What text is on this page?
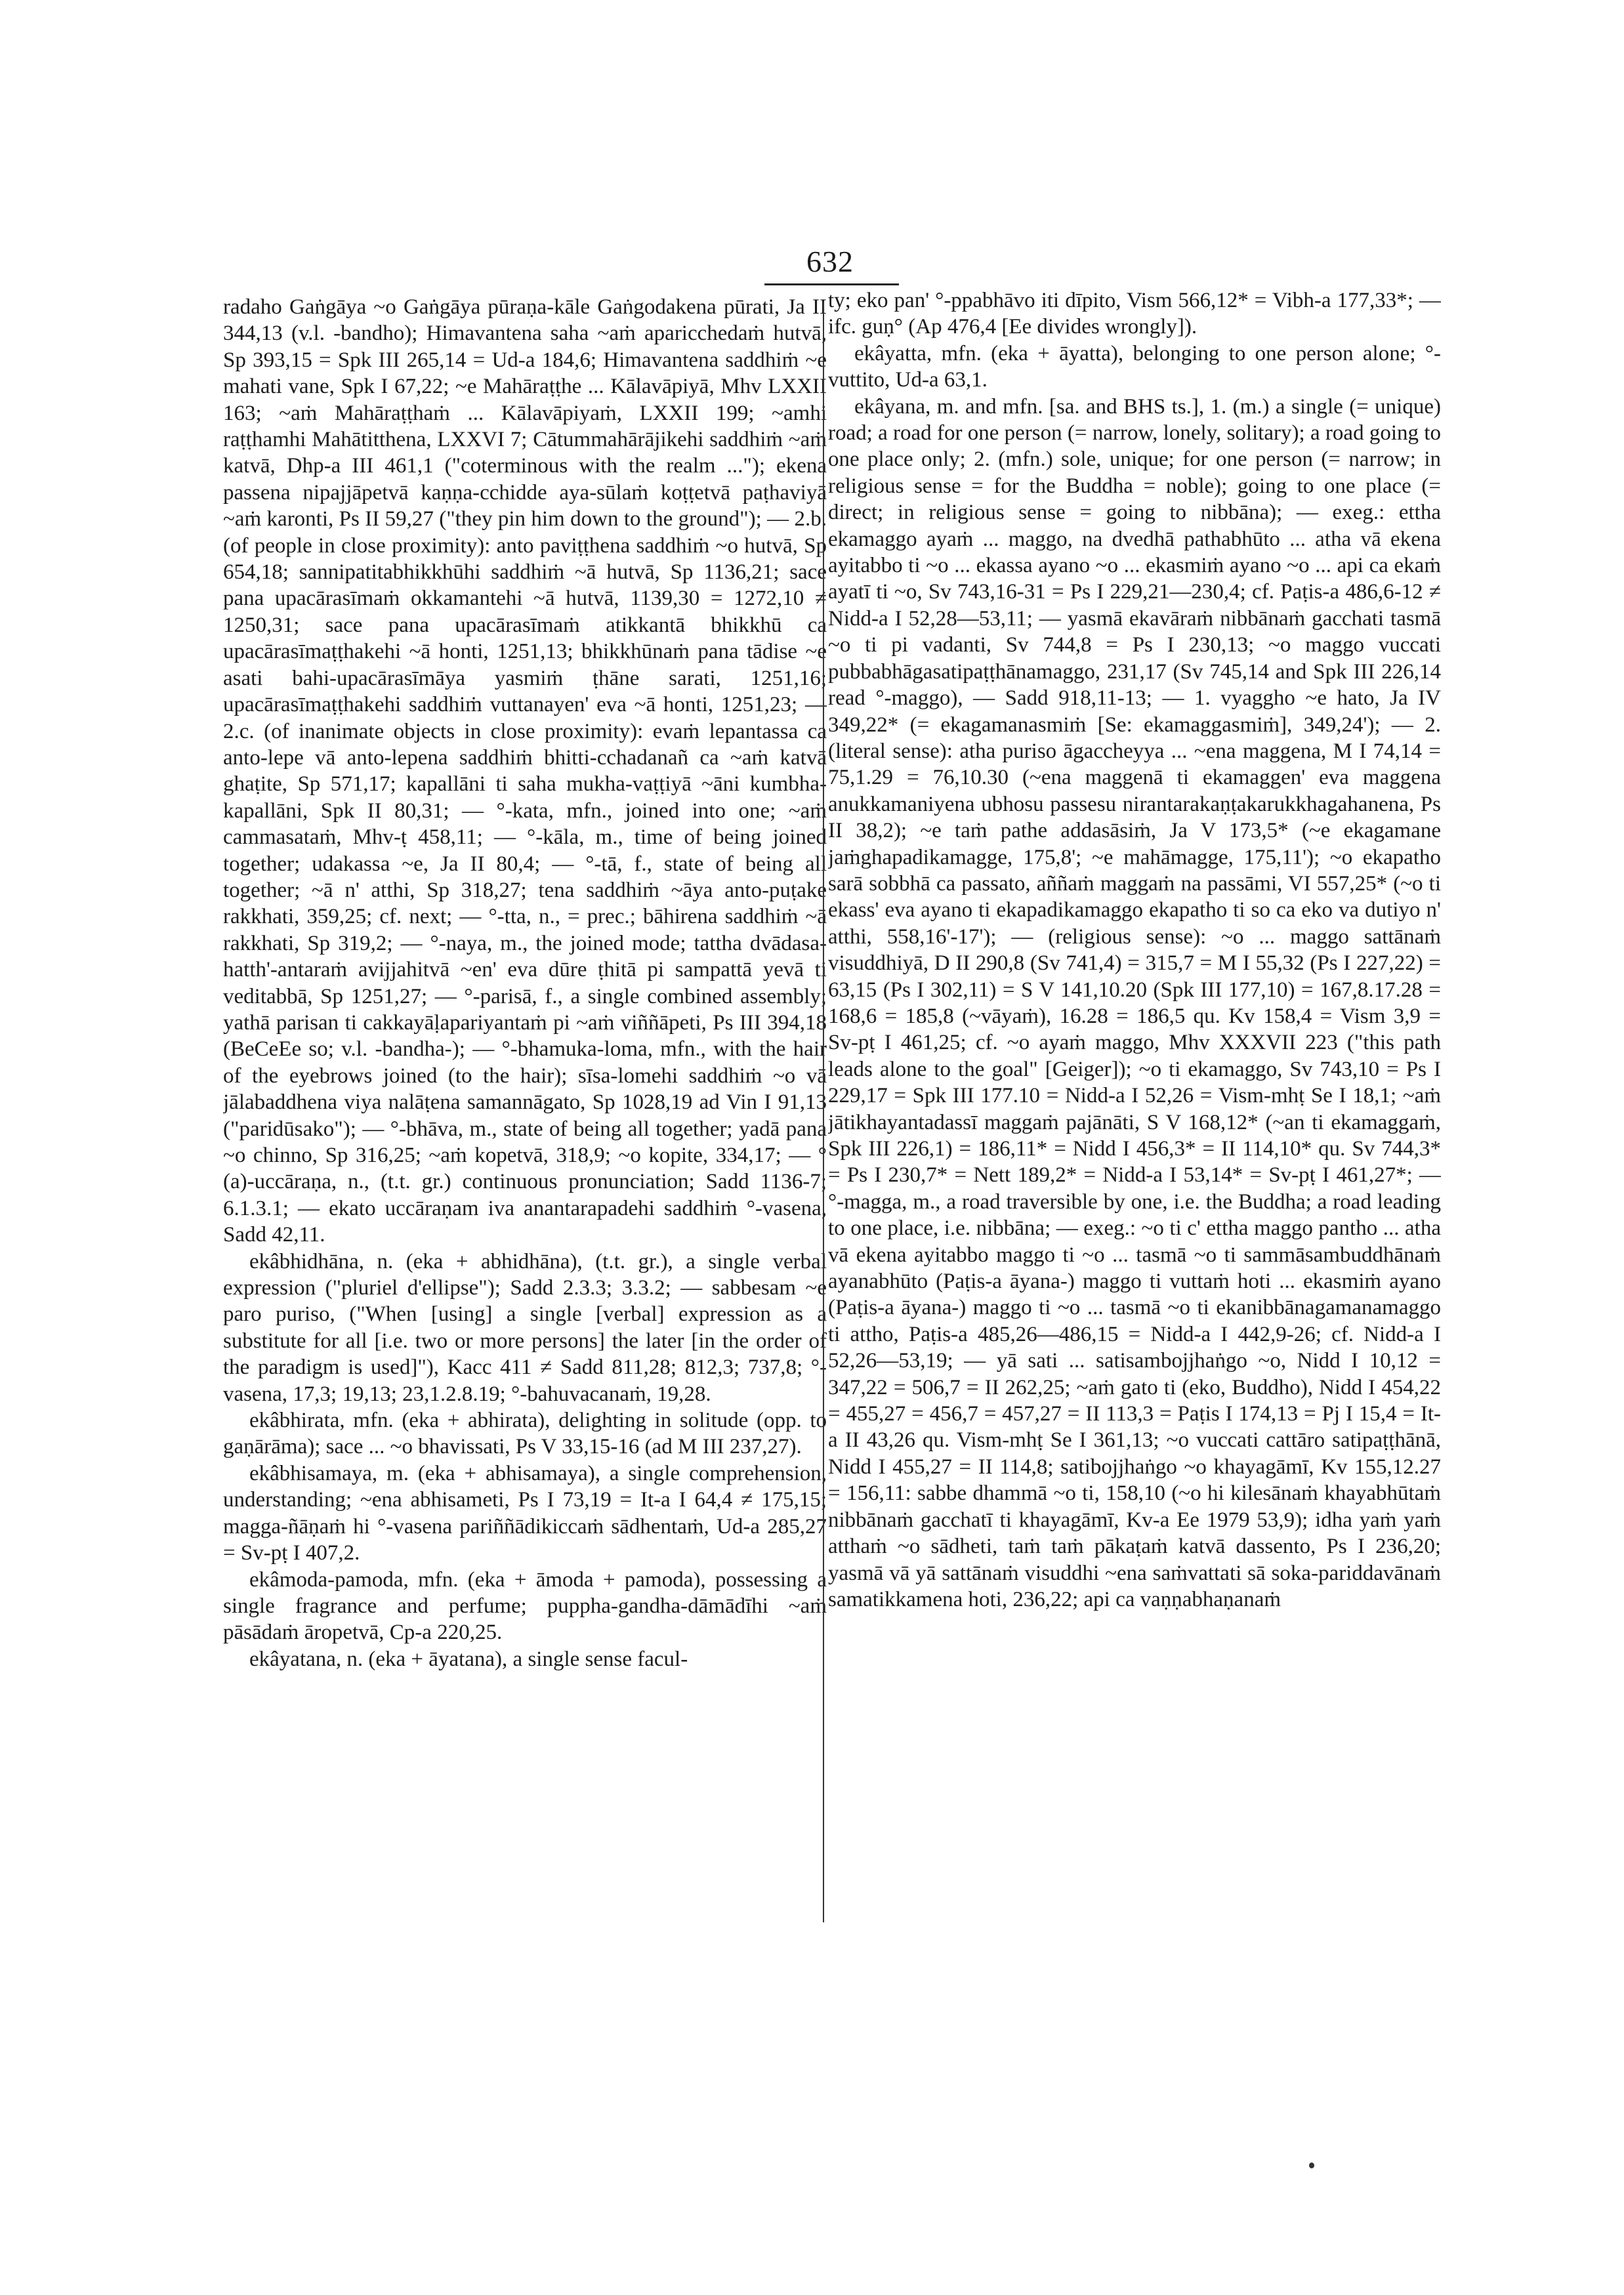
632

radaho Gaṅgāya ~o Gaṅgāya pūraṇa-kāle Gaṅgodakena pūrati, Ja II 344,13 (v.l. -bandho); Himavantena saha ~aṁ aparicchedaṁ hutvā, Sp 393,15 = Spk III 265,14 = Ud-a 184,6; Himavantena saddhiṁ ~e mahati vane, Spk I 67,22; ~e Mahāraṭṭhe ... Kālavāpiyā, Mhv LXXII 163; ~aṁ Mahāraṭṭhaṁ ... Kālavāpiyaṁ, LXXII 199; ~amhi raṭṭhamhi Mahātitthena, LXXVI 7; Cātummahārājikehi saddhiṁ ~aṁ katvā, Dhp-a III 461,1 ("coterminous with the realm ..."); ekena passena nipajjāpetvā kaṇṇa-cchidde aya-sūlaṁ koṭṭetvā paṭhaviyā ~aṁ karonti, Ps II 59,27 ("they pin him down to the ground"); — 2.b. (of people in close proximity): anto paviṭṭhena saddhiṁ ~o hutvā, Sp 654,18; sannipatitabhikkhūhi saddhiṁ ~ā hutvā, Sp 1136,21; sace pana upacārasīmaṁ okkamantehi ~ā hutvā, 1139,30 = 1272,10 ≠ 1250,31; sace pana upacārasīmaṁ atikkantā bhikkhū ca upacārasīmaṭṭhakehi ~ā honti, 1251,13; bhikkhūnaṁ pana tādise ~e asati bahi-upacārasīmāya yasmiṁ ṭhāne sarati, 1251,16; upacārasīmaṭṭhakehi saddhiṁ vuttanayen' eva ~ā honti, 1251,23; — 2.c. (of inanimate objects in close proximity): evaṁ lepantassa ca anto-lepe vā anto-lepena saddhiṁ bhitti-cchadanañ ca ~aṁ katvā ghaṭite, Sp 571,17; kapallāni ti saha mukha-vaṭṭiyā ~āni kumbha-kapallāni, Spk II 80,31; — °-kata, mfn., joined into one; ~aṁ cammasataṁ, Mhv-ṭ 458,11; — °-kāla, m., time of being joined together; udakassa ~e, Ja II 80,4; — °-tā, f., state of being all together; ~ā n' atthi, Sp 318,27; tena saddhiṁ ~āya anto-puṭake rakkhati, 359,25; cf. next; — °-tta, n., = prec.; bāhirena saddhiṁ ~ā rakkhati, Sp 319,2; — °-naya, m., the joined mode; tattha dvādasa-hatth'-antaraṁ avijjahitvā ~en' eva dūre ṭhitā pi sampattā yevā ti veditabbā, Sp 1251,27; — °-parisā, f., a single combined assembly; yathā parisan ti cakkayāḷapariyantaṁ pi ~aṁ viññāpeti, Ps III 394,18 (BeCeEe so; v.l. -bandha-); — °-bhamuka-loma, mfn., with the hair of the eyebrows joined (to the hair); sīsa-lomehi saddhiṁ ~o vā jālabaddhena viya nalāṭena samannāgato, Sp 1028,19 ad Vin I 91,13 ("paridūsako"); — °-bhāva, m., state of being all together; yadā pana ~o chinno, Sp 316,25; ~aṁ kopetvā, 318,9; ~o kopite, 334,17; — °(a)-uccāraṇa, n., (t.t. gr.) continuous pronunciation; Sadd 1136-7; 6.1.3.1; — ekato uccāraṇam iva anantarapadehi saddhiṁ °-vasena, Sadd 42,11.

ekâbhidhāna, n. (eka + abhidhāna), (t.t. gr.), a single verbal expression ("pluriel d'ellipse"); Sadd 2.3.3; 3.3.2; — sabbesam ~e paro puriso, ("When [using] a single [verbal] expression as a substitute for all [i.e. two or more persons] the later [in the order of the paradigm is used]"), Kacc 411 ≠ Sadd 811,28; 812,3; 737,8; °-vasena, 17,3; 19,13; 23,1.2.8.19; °-bahuvacanaṁ, 19,28.

ekâbhirata, mfn. (eka + abhirata), delighting in solitude (opp. to gaṇārāma); sace ... ~o bhavissati, Ps V 33,15-16 (ad M III 237,27).

ekâbhisamaya, m. (eka + abhisamaya), a single comprehension, understanding; ~ena abhisameti, Ps I 73,19 = It-a I 64,4 ≠ 175,15; magga-ñāṇaṁ hi °-vasena pariññādikiccaṁ sādhentaṁ, Ud-a 285,27 = Sv-pṭ I 407,2.

ekâmoda-pamoda, mfn. (eka + āmoda + pamoda), possessing a single fragrance and perfume; puppha-gandha-dāmādīhi ~aṁ pāsādaṁ āropetvā, Cp-a 220,25.

ekâyatana, n. (eka + āyatana), a single sense facul-

ty; eko pan' °-ppabhāvo iti dīpito, Vism 566,12* = Vibh-a 177,33*; — ifc. guṇ° (Ap 476,4 [Ee divides wrongly]).

ekâyatta, mfn. (eka + āyatta), belonging to one person alone; °-vuttito, Ud-a 63,1.

ekâyana, m. and mfn. [sa. and BHS ts.], 1. (m.) a single (= unique) road; a road for one person (= narrow, lonely, solitary); a road going to one place only; 2. (mfn.) sole, unique; for one person (= narrow; in religious sense = for the Buddha = noble); going to one place (= direct; in religious sense = going to nibbāna); — exeg.: ettha ekamaggo ayaṁ ... maggo, na dvedhā pathabhūto ... atha vā ekena ayitabbo ti ~o ... ekassa ayano ~o ... ekasmiṁ ayano ~o ... api ca ekaṁ ayatī ti ~o, Sv 743,16-31 = Ps I 229,21—230,4; cf. Paṭis-a 486,6-12 ≠ Nidd-a I 52,28—53,11; — yasmā ekavāraṁ nibbānaṁ gacchati tasmā ~o ti pi vadanti, Sv 744,8 = Ps I 230,13; ~o maggo vuccati pubbabhāgasatipaṭṭhānamaggo, 231,17 (Sv 745,14 and Spk III 226,14 read °-maggo), — Sadd 918,11-13; — 1. vyaggho ~e hato, Ja IV 349,22* (= ekagamanasmiṁ [Se: ekamaggasmiṁ], 349,24'); — 2. (literal sense): atha puriso āgaccheyya ... ~ena maggena, M I 74,14 = 75,1.29 = 76,10.30 (~ena maggenā ti ekamaggen' eva maggena anukkamaniyena ubhosu passesu nirantarakaṇṭakarukkhagahanena, Ps II 38,2); ~e taṁ pathe addasāsiṁ, Ja V 173,5* (~e ekagamane jaṁghapadikamagge, 175,8'; ~e mahāmagge, 175,11'); ~o ekapatho sarā sobbhā ca passato, aññaṁ maggaṁ na passāmi, VI 557,25* (~o ti ekass' eva ayano ti ekapadikamaggo ekapatho ti so ca eko va dutiyo n' atthi, 558,16'-17'); — (religious sense): ~o ... maggo sattānaṁ visuddhiyā, D II 290,8 (Sv 741,4) = 315,7 = M I 55,32 (Ps I 227,22) = 63,15 (Ps I 302,11) = S V 141,10.20 (Spk III 177,10) = 167,8.17.28 = 168,6 = 185,8 (~vāyaṁ), 16.28 = 186,5 qu. Kv 158,4 = Vism 3,9 = Sv-pṭ I 461,25; cf. ~o ayaṁ maggo, Mhv XXXVII 223 ("this path leads alone to the goal" [Geiger]); ~o ti ekamaggo, Sv 743,10 = Ps I 229,17 = Spk III 177.10 = Nidd-a I 52,26 = Vism-mhṭ Se I 18,1; ~aṁ jātikhayantadassī maggaṁ pajānāti, S V 168,12* (~an ti ekamaggaṁ, Spk III 226,1) = 186,11* = Nidd I 456,3* = II 114,10* qu. Sv 744,3* = Ps I 230,7* = Nett 189,2* = Nidd-a I 53,14* = Sv-pṭ I 461,27*; — °-magga, m., a road traversible by one, i.e. the Buddha; a road leading to one place, i.e. nibbāna; — exeg.: ~o ti c' ettha maggo pantho ... atha vā ekena ayitabbo maggo ti ~o ... tasmā ~o ti sammāsambuddhānaṁ ayanabhūto (Paṭis-a āyana-) maggo ti vuttaṁ hoti ... ekasmiṁ ayano (Paṭis-a āyana-) maggo ti ~o ... tasmā ~o ti ekanibbānagamanamaggo ti attho, Paṭis-a 485,26—486,15 = Nidd-a I 442,9-26; cf. Nidd-a I 52,26—53,19; — yā sati ... satisambojjhaṅgo ~o, Nidd I 10,12 = 347,22 = 506,7 = II 262,25; ~aṁ gato ti (eko, Buddho), Nidd I 454,22 = 455,27 = 456,7 = 457,27 = II 113,3 = Paṭis I 174,13 = Pj I 15,4 = It-a II 43,26 qu. Vism-mhṭ Se I 361,13; ~o vuccati cattāro satipaṭṭhānā, Nidd I 455,27 = II 114,8; satibojjhaṅgo ~o khayagāmī, Kv 155,12.27 = 156,11: sabbe dhammā ~o ti, 158,10 (~o hi kilesānaṁ khayabhūtaṁ nibbānaṁ gacchatī ti khayagāmī, Kv-a Ee 1979 53,9); idha yaṁ yaṁ atthaṁ ~o sādheti, taṁ taṁ pākaṭaṁ katvā dassento, Ps I 236,20; yasmā vā yā sattānaṁ visuddhi ~ena saṁvattati sā soka-pariddavānaṁ samatikkamena hoti, 236,22; api ca vaṇṇabhaṇanaṁ
